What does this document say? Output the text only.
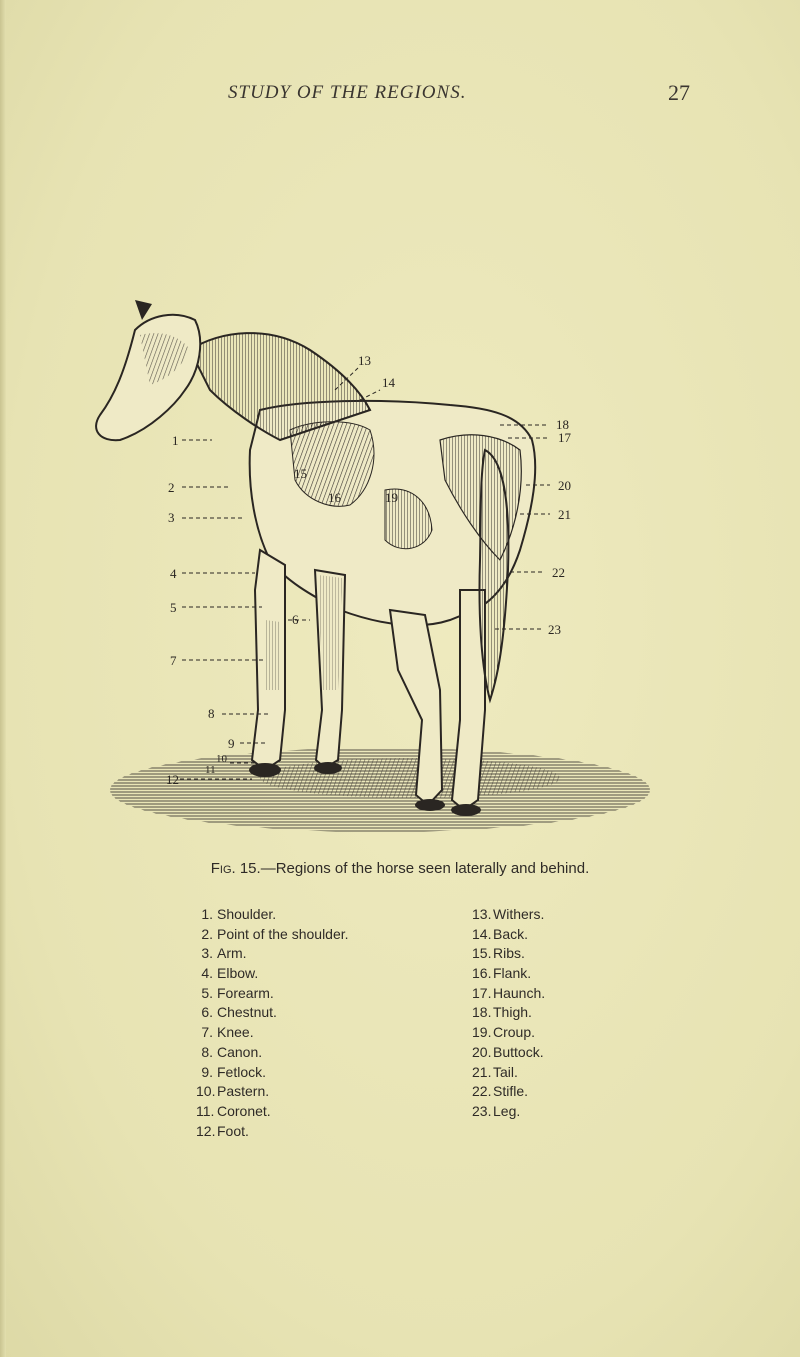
STUDY OF THE REGIONS.	27
1
2
3
4
5
6
7
8
9
10
11
12
13
14
15
16
17
18
19
20
21
22
23
Fig. 15.—Regions of the horse seen laterally and behind.
1. Shoulder.
2. Point of the shoulder.
3. Arm.
4. Elbow.
5. Forearm.
6. Chestnut.
7. Knee.
8. Canon.
9. Fetlock.
10. Pastern.
11. Coronet.
12. Foot.
13. Withers.
14. Back.
15. Ribs.
16. Flank.
17. Haunch.
18. Thigh.
19. Croup.
20. Buttock.
21. Tail.
22. Stifle.
23. Leg.
